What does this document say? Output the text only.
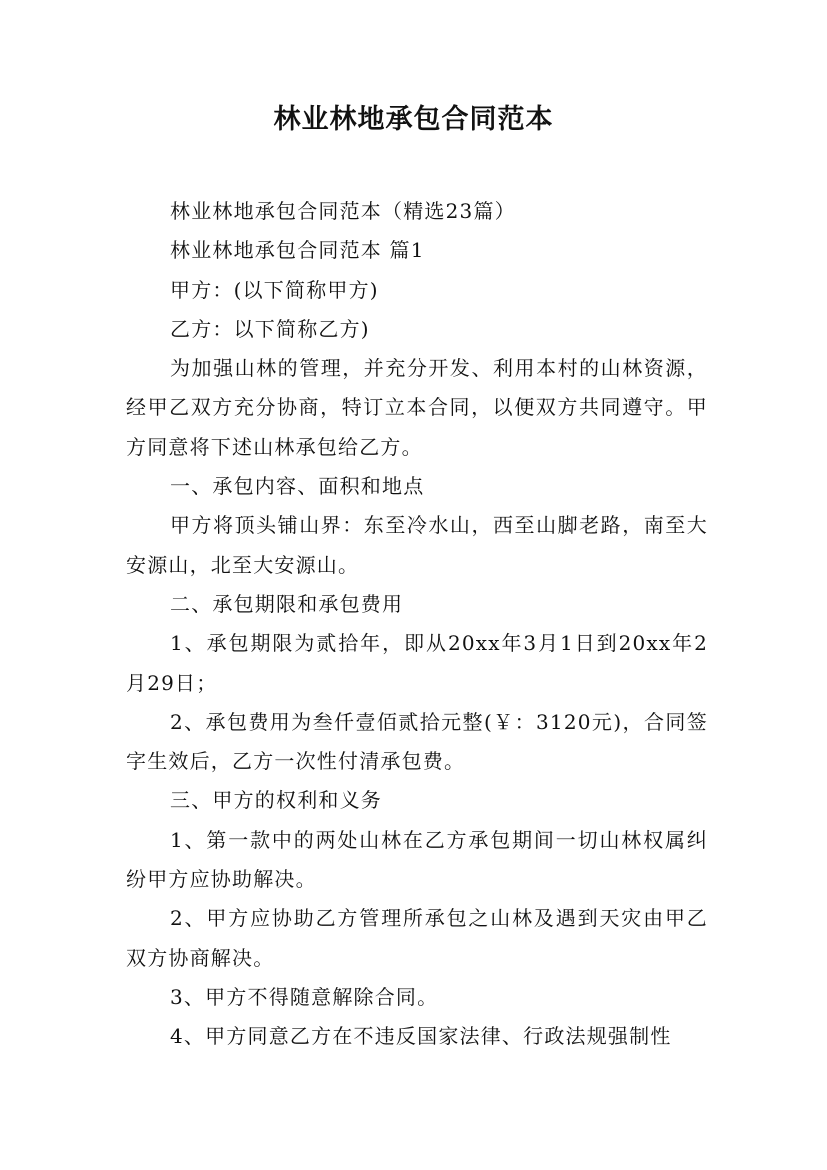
林业林地承包合同范本

林业林地承包合同范本（精选23篇）

林业林地承包合同范本 篇1

甲方：(以下简称甲方)

乙方：以下简称乙方)

为加强山林的管理，并充分开发、利用本村的山林资源，经甲乙双方充分协商，特订立本合同，以便双方共同遵守。甲方同意将下述山林承包给乙方。

一、承包内容、面积和地点

甲方将顶头铺山界：东至冷水山，西至山脚老路，南至大安源山，北至大安源山。

二、承包期限和承包费用

1、承包期限为贰拾年，即从20xx年3月1日到20xx年2月29日；

2、承包费用为叁仟壹佰贰拾元整(￥：3120元)，合同签字生效后，乙方一次性付清承包费。

三、甲方的权利和义务

1、第一款中的两处山林在乙方承包期间一切山林权属纠纷甲方应协助解决。

2、甲方应协助乙方管理所承包之山林及遇到天灾由甲乙双方协商解决。

3、甲方不得随意解除合同。

4、甲方同意乙方在不违反国家法律、行政法规强制性
